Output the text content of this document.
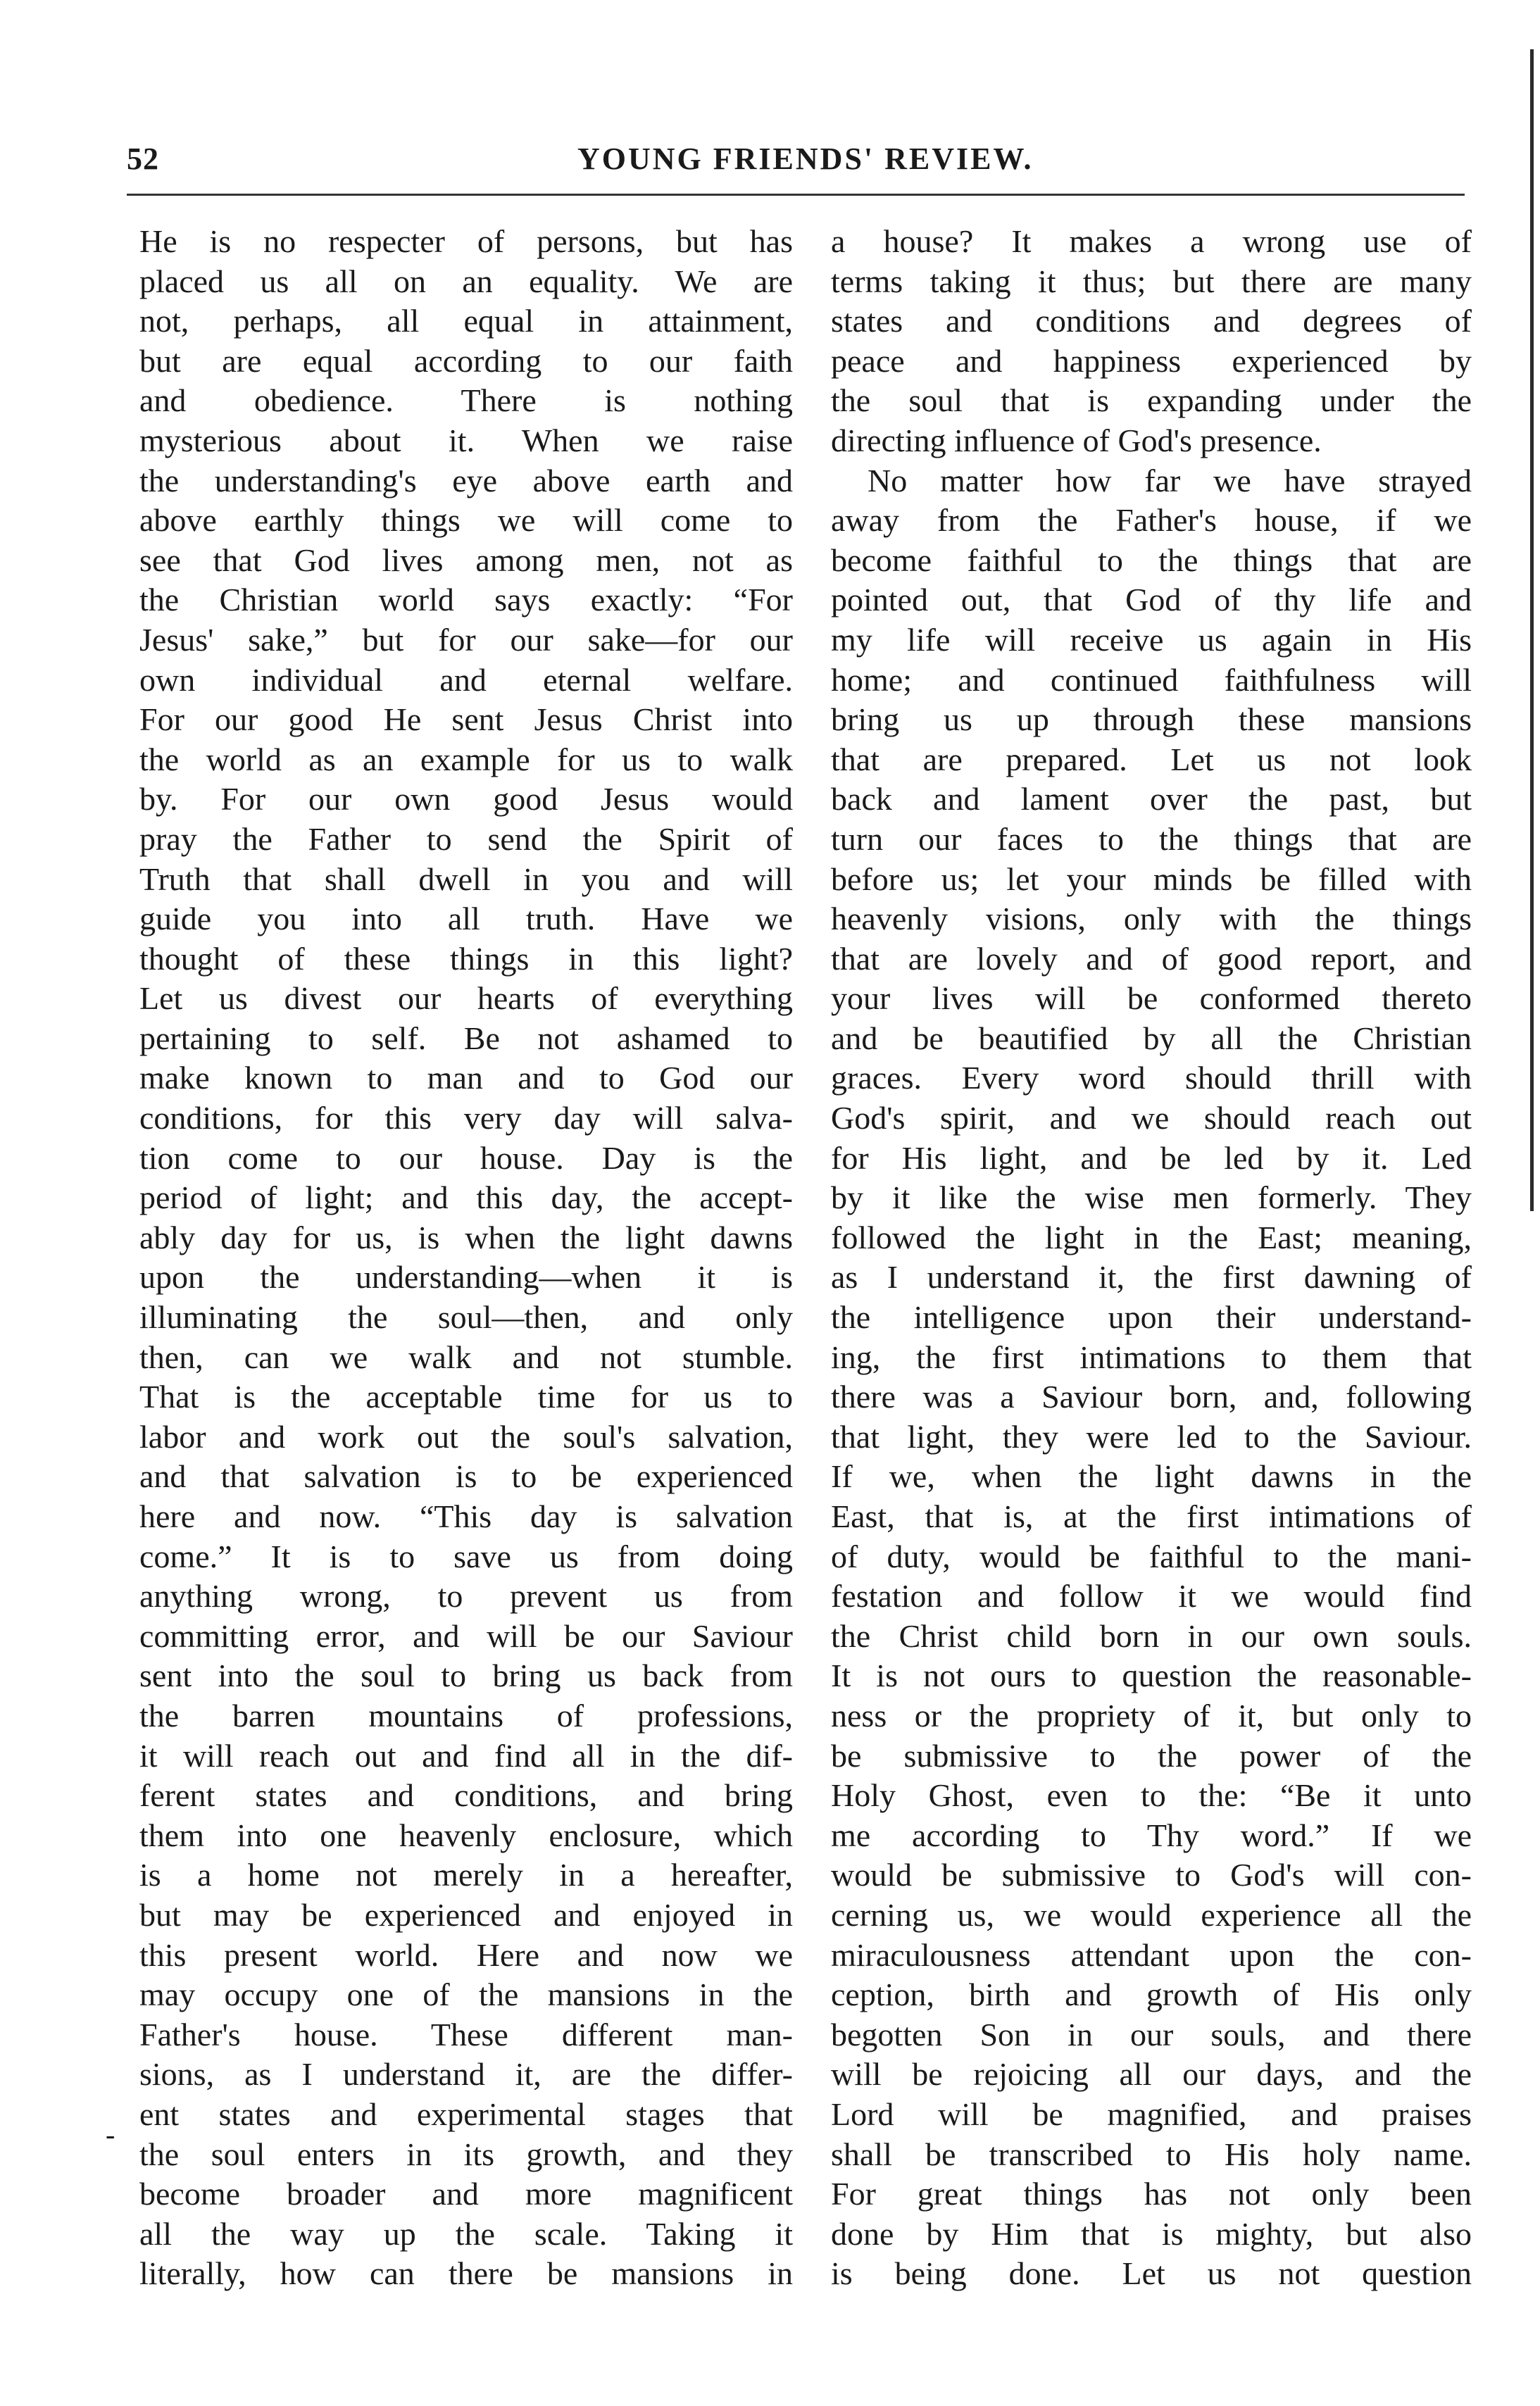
52	YOUNG FRIENDS' REVIEW.
He is no respecter of persons, but has
placed us all on an equality. We are
not, perhaps, all equal in attainment,
but are equal according to our faith
and obedience. There is nothing
mysterious about it. When we raise
the understanding's eye above earth and
above earthly things we will come to
see that God lives among men, not as
the Christian world says exactly: “For
Jesus' sake,” but for our sake—for our
own individual and eternal welfare.
For our good He sent Jesus Christ into
the world as an example for us to walk
by. For our own good Jesus would
pray the Father to send the Spirit of
Truth that shall dwell in you and will
guide you into all truth. Have we
thought of these things in this light?
Let us divest our hearts of everything
pertaining to self. Be not ashamed to
make known to man and to God our
conditions, for this very day will salva-
tion come to our house. Day is the
period of light; and this day, the accept-
ably day for us, is when the light dawns
upon the understanding—when it is
illuminating the soul—then, and only
then, can we walk and not stumble.
That is the acceptable time for us to
labor and work out the soul's salvation,
and that salvation is to be experienced
here and now. “This day is salvation
come.” It is to save us from doing
anything wrong, to prevent us from
committing error, and will be our Saviour
sent into the soul to bring us back from
the barren mountains of professions,
it will reach out and find all in the dif-
ferent states and conditions, and bring
them into one heavenly enclosure, which
is a home not merely in a hereafter,
but may be experienced and enjoyed in
this present world. Here and now we
may occupy one of the mansions in the
Father's house. These different man-
sions, as I understand it, are the differ-
ent states and experimental stages that
the soul enters in its growth, and they
become broader and more magnificent
all the way up the scale. Taking it
literally, how can there be mansions in
a house? It makes a wrong use of
terms taking it thus; but there are many
states and conditions and degrees of
peace and happiness experienced by
the soul that is expanding under the
directing influence of God's presence.
No matter how far we have strayed
away from the Father's house, if we
become faithful to the things that are
pointed out, that God of thy life and
my life will receive us again in His
home; and continued faithfulness will
bring us up through these mansions
that are prepared. Let us not look
back and lament over the past, but
turn our faces to the things that are
before us; let your minds be filled with
heavenly visions, only with the things
that are lovely and of good report, and
your lives will be conformed thereto
and be beautified by all the Christian
graces. Every word should thrill with
God's spirit, and we should reach out
for His light, and be led by it. Led
by it like the wise men formerly. They
followed the light in the East; meaning,
as I understand it, the first dawning of
the intelligence upon their understand-
ing, the first intimations to them that
there was a Saviour born, and, following
that light, they were led to the Saviour.
If we, when the light dawns in the
East, that is, at the first intimations of
of duty, would be faithful to the mani-
festation and follow it we would find
the Christ child born in our own souls.
It is not ours to question the reasonable-
ness or the propriety of it, but only to
be submissive to the power of the
Holy Ghost, even to the: “Be it unto
me according to Thy word.” If we
would be submissive to God's will con-
cerning us, we would experience all the
miraculousness attendant upon the con-
ception, birth and growth of His only
begotten Son in our souls, and there
will be rejoicing all our days, and the
Lord will be magnified, and praises
shall be transcribed to His holy name.
For great things has not only been
done by Him that is mighty, but also
is being done. Let us not question
-
